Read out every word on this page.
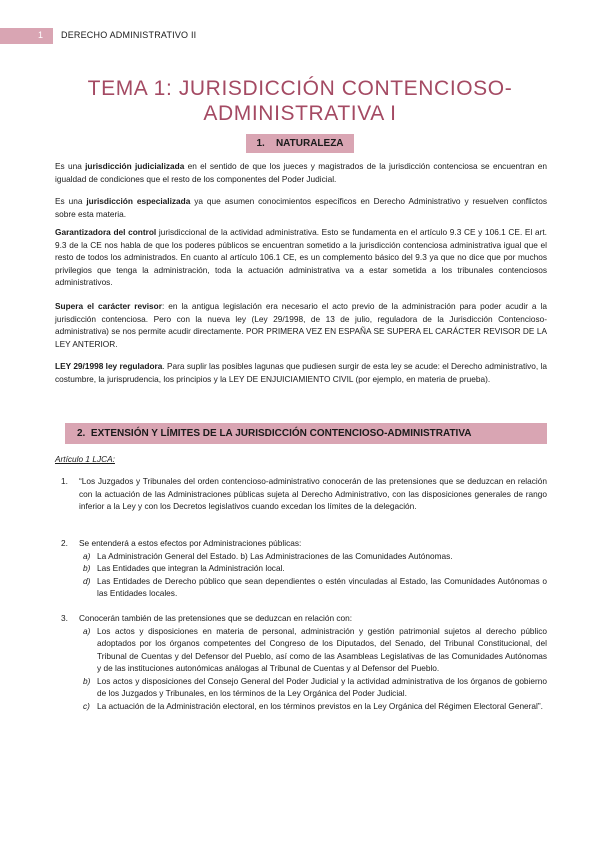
1 DERECHO ADMINISTRATIVO II
TEMA 1: JURISDICCIÓN CONTENCIOSO-
ADMINISTRATIVA I
1. NATURALEZA

Es una jurisdicción judicializada en el sentido de que los jueces y magistrados de la jurisdicción contenciosa se encuentran en igualdad de condiciones que el resto de los componentes del Poder Judicial.

Es una jurisdicción especializada ya que asumen conocimientos específicos en Derecho Administrativo y resuelven conflictos sobre esta materia.

Garantizadora del control jurisdiccional de la actividad administrativa. Esto se fundamenta en el artículo 9.3 CE y 106.1 CE. El art. 9.3 de la CE nos habla de que los poderes públicos se encuentran sometido a la jurisdicción contenciosa administrativa igual que el resto de todos los administrados. En cuanto al artículo 106.1 CE, es un complemento básico del 9.3 ya que no dice que por muchos privilegios que tenga la administración, toda la actuación administrativa va a estar sometida a los tribunales contenciosos administrativos.

Supera el carácter revisor: en la antigua legislación era necesario el acto previo de la administración para poder acudir a la jurisdicción contenciosa. Pero con la nueva ley (Ley 29/1998, de 13 de julio, reguladora de la Jurisdicción Contencioso-administrativa) se nos permite acudir directamente. POR PRIMERA VEZ EN ESPAÑA SE SUPERA EL CARÁCTER REVISOR DE LA LEY ANTERIOR.

LEY 29/1998 ley reguladora. Para suplir las posibles lagunas que pudiesen surgir de esta ley se acude: el Derecho administrativo, la costumbre, la jurisprudencia, los principios y la LEY DE ENJUICIAMIENTO CIVIL (por ejemplo, en materia de prueba).

2. EXTENSIÓN Y LÍMITES DE LA JURISDICCIÓN CONTENCIOSO-ADMINISTRATIVA
Artículo 1 LJCA:
1. “Los Juzgados y Tribunales del orden contencioso-administrativo conocerán de las pretensiones que se deduzcan en relación con la actuación de las Administraciones públicas sujeta al Derecho Administrativo, con las disposiciones generales de rango inferior a la Ley y con los Decretos legislativos cuando excedan los límites de la delegación.
2. Se entenderá a estos efectos por Administraciones públicas:
a) La Administración General del Estado. b) Las Administraciones de las Comunidades Autónomas.
b) Las Entidades que integran la Administración local.
d) Las Entidades de Derecho público que sean dependientes o estén vinculadas al Estado, las Comunidades Autónomas o las Entidades locales.
3. Conocerán también de las pretensiones que se deduzcan en relación con:
a) Los actos y disposiciones en materia de personal, administración y gestión patrimonial sujetos al derecho público adoptados por los órganos competentes del Congreso de los Diputados, del Senado, del Tribunal Constitucional, del Tribunal de Cuentas y del Defensor del Pueblo, así como de las Asambleas Legislativas de las Comunidades Autónomas y de las instituciones autonómicas análogas al Tribunal de Cuentas y al Defensor del Pueblo.
b) Los actos y disposiciones del Consejo General del Poder Judicial y la actividad administrativa de los órganos de gobierno de los Juzgados y Tribunales, en los términos de la Ley Orgánica del Poder Judicial.
c) La actuación de la Administración electoral, en los términos previstos en la Ley Orgánica del Régimen Electoral General”.
